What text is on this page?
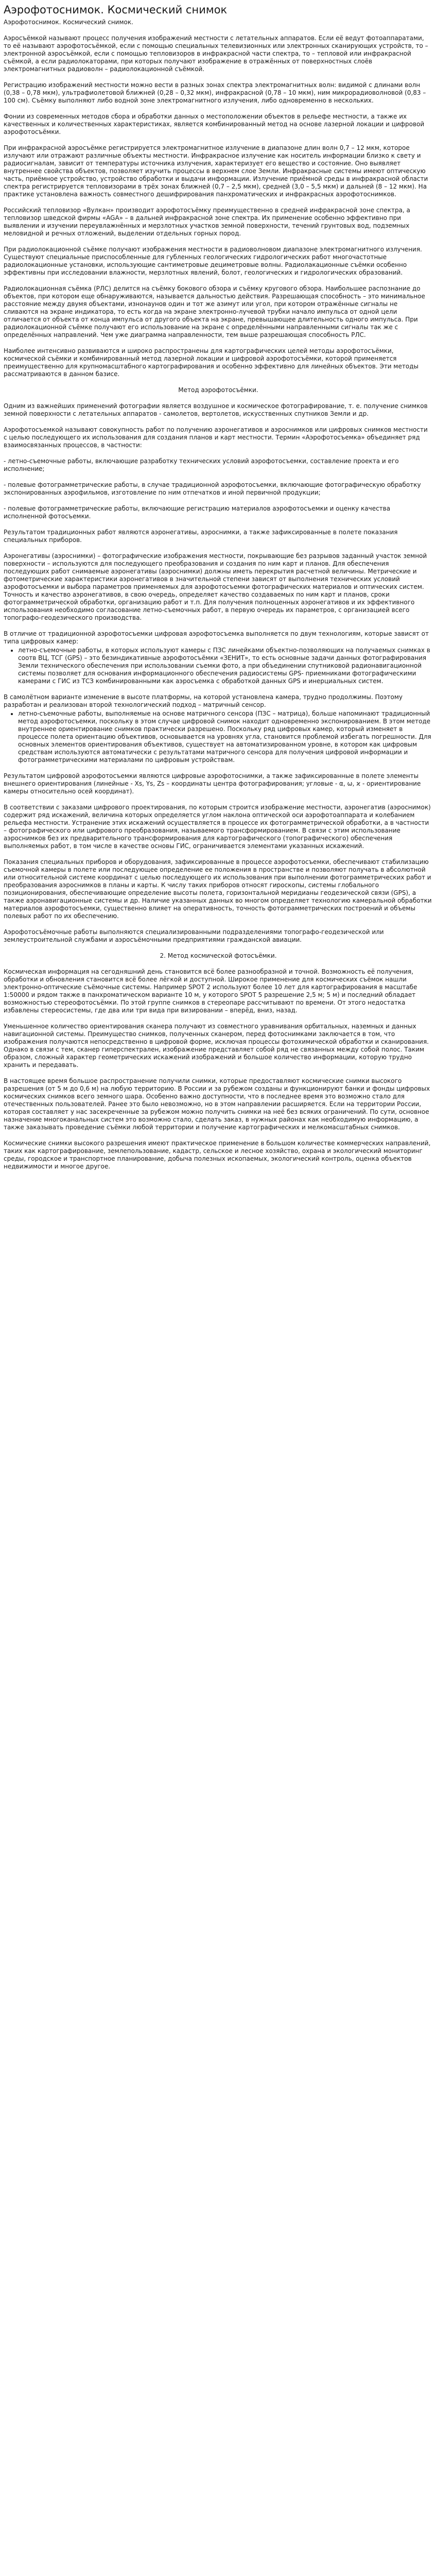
Аэрофотоснимок. Космический снимок

Аэрофотоснимок. Космический снимок.

Аэросъёмкой называют процесс получения изображений местности с летательных аппаратов. Если её ведут фотоаппаратами, то её называют аэрофотосъёмкой, если с помощью специальных телевизионных или электронных сканирующих устройств, то – электронной аэросъёмкой, если с помощью тепловизоров в инфракрасной части спектра, то – тепловой или инфракрасной съёмкой, а если радиолокаторами, при которых получают изображение в отражённых от поверхностных слоёв электромагнитных радиоволн – радиолокационной съёмкой.

Регистрацию изображений местности можно вести в разных зонах спектра электромагнитных волн: видимой с длинами волн (0,38 – 0,78 мкм), ультрафиолетовой ближней (0,28 – 0,32 мкм), инфракрасной (0,78 – 10 мкм), ним микрорадиоволновой (0,83 – 100 см). Съёмку выполняют либо водной зоне электромагнитного излучения, либо одновременно в нескольких.

Фонии из современных методов сбора и обработки данных о местоположении объектов в рельефе местности, а также их качественных и количественных характеристиках, является комбинированный метод на основе лазерной локации и цифровой аэрофотосъёмки.

При инфракрасной аэросъёмке регистрируется электромагнитное излучение в диапазоне длин волн 0,7 – 12 мкм, которое излучают или отражают различные объекты местности. Инфракрасное излучение как носитель информации близко к свету и радиосигналам, зависит от температуры источника излучения, характеризует его вещество и состояние. Оно выявляет внутреннее свойства объектов, позволяет изучить процессы в верхнем слое Земли. Инфракрасные системы имеют оптическую часть, приёмное устройство, устройство обработки и выдачи информации. Излучение приёмной среды в инфракрасной области спектра регистрируется тепловизорами в трёх зонах ближней (0,7 – 2,5 мкм), средней (3,0 – 5,5 мкм) и дальней (8 – 12 мкм). На практике установлена важность совместного дешифрирования панхроматических и инфракрасных аэрофотоснимков.

Российский тепловизор «Вулкан» производит аэрофотосъёмку преимущественно в средней инфракрасной зоне спектра, а тепловизор шведской фирмы «AGA» – в дальней инфракрасной зоне спектра. Их применение особенно эффективно при выявлении и изучении переувлажнённых и мерзлотных участков земной поверхности, течений грунтовых вод, подземных меловидной и речных отложений, выделении отдельных горных пород.

При радиолокационной съёмке получают изображения местности в радиоволновом диапазоне электромагнитного излучения. Существуют специальные приспособленные для губленных геологических гидрологических работ многочастотные радиолокационные установки, использующие сантиметровые дециметровые волны. Радиолакационные съёмки особенно эффективны при исследовании влажности, мерзлотных явлений, болот, геологических и гидрологических образований.

Радиолокационная съёмка (РЛС) делится на съёмку бокового обзора и съёмку кругового обзора. Наибольшее распознание до объектов, при котором еще обнаруживаются, называется дальностью действия. Разрешающая способность – это минимальное расстояние между двумя объектами, изнонаунов один и тот же азимут или угол, при котором отражённые сигналы не сливаются на экране индикатора, то есть когда на экране электронно-лучевой трубки начало импульса от одной цели отличается от объекта от конца импульса от другого объекта на экране, превышающее длительность одного импульса. При радиолокационной съёмке получают его использование на экране с определёнными направленными сигналы так же с определённых направлений. Чем уже диаграмма направленности, тем выше разрешающая способность РЛС.

Наиболее интенсивно развиваются и широко распространены для картографических целей методы аэрофотосъёмки, космической съёмки и комбинированный метод лазерной локации и цифровой аэрофотосъёмки, которой применяется преимущественно для крупномасштабного картографирования и особенно эффективно для линейных объектов. Эти методы рассматриваются в данном базисе.

Метод аэрофотосъёмки.

Одним из важнейших применений фотографии является воздушное и космическое фотографирование, т. е. получение снимков земной поверхности с летательных аппаратов - самолетов, вертолетов, искусственных спутников Земли и др.

Аэрофотосъемкой называют совокупность работ по получению аэронегативов и аэроснимков или цифровых снимков местности с целью последующего их использования для создания планов и карт местности. Термин «Аэрофотосъемка» объединяет ряд взаимосвязанных процессов, в частности:

- летно-съемочные работы, включающие разработку технических условий аэрофотосъемки, составление проекта и его исполнение;

- полевые фотограмметрические работы, в случае традиционной аэрофотосъемки, включающие фотографическую обработку экспонированных аэрофильмов, изготовление по ним отпечатков и иной первичной продукции;

- полевые фотограмметрические работы, включающие регистрацию материалов аэрофотосъемки и оценку качества исполненной фотосъемки.

Результатом традиционных работ являются аэронегативы, аэроснимки, а также зафиксированные в полете показания специальных приборов.

Аэронегативы (аэроснимки) – фотографические изображения местности, покрывающие без разрывов заданный участок земной поверхности – используются для последующего преобразования и создания по ним карт и планов. Для обеспечения последующих работ снимаемые аэронегативы (аэроснимки) должны иметь перекрытия расчетной величины. Метрические и фотометрические характеристики аэронегативов в значительной степени зависят от выполнения технических условий аэрофотосъемки и выбора параметров применяемых для аэрофотосъемки фотографических материалов и оптических систем. Точность и качество аэронегативов, в свою очередь, определяет качество создаваемых по ним карт и планов, сроки фотограмметрической обработки, организацию работ и т.п. Для получения полноценных аэронегативов и их эффективного использования необходимо согласование летно-съемочных работ, в первую очередь их параметров, с организацией всего топографо-геодезического производства.

В отличие от традиционной аэрофотосъемки цифровая аэрофотосъемка выполняется по двум технологиям, которые зависят от типа цифровых камер:

• летно-съемочные работы, в которых используют камеры с ПЗС линейками объектно-позволяющих на получаемых снимках в соотв ВЦ, ТСГ (GPS) – это безиндикативные аэрофотосъёмки «ЗЕНИТ», то есть основные задачи данных фотографирования Земли технического обеспечения при использовании съемки фото, а при объединении спутниковой радионавигационной системы позволяет для основания информационного обеспечения радиосистемы GPS- приемниками фотографическими камерами с ГИС из ТСЗ комбинированными как аэросъемка с обработкой данных GPS и инерциальных систем.

В самолётном варианте изменение в высоте платформы, на которой установлена камера, трудно продолжимы. Поэтому разработан и реализован второй технологический подход – матричный сенсор.

• летно-съемочные работы, выполняемые на основе матричного сенсора (ПЗС – матрица), больше напоминают традиционный метод аэрофотосъемки, поскольку в этом случае цифровой снимок находит одновременно экспонированием. В этом методе внутреннее ориентирование снимков практически разрешено. Поскольку ряд цифровых камер, который изменяет в процессе полета ориентацию объективов, основывается на уровнях угла, становится проблемой избегать погрешности. Для основных элементов ориентирования объективов, существует на автоматизированном уровне, в котором как цифровым средствам используются автоматически с результатами матричного сенсора для получения цифровой информации и фотограмметрическими материалами по цифровым устройствам.

Результатом цифровой аэрофотосъемки являются цифровые аэрофотоснимки, а также зафиксированные в полете элементы внешнего ориентирования (линейные - Xs, Ys, Zs – координаты центра фотографирования; угловые - α, ω, ϰ - ориентирование камеры относительно осей координат).

В соответствии с заказами цифрового проектирования, по которым строится изображение местности, аэронегатив (аэроснимок) содержит ряд искажений, величина которых определяется углом наклона оптической оси аэрофотоаппарата и колебанием рельефа местности. Устранение этих искажений осуществляется в процессе их фотограмметрической обработки, а в частности – фотографического или цифрового преобразования, называемого трансформированием. В связи с этим использование аэроснимков без их предварительного трансформирования для картографического (топографического) обеспечения выполняемых работ, в том числе в качестве основы ГИС, ограничивается элементами указанных искажений.

Показания специальных приборов и оборудования, зафиксированные в процессе аэрофотосъемки, обеспечивают стабилизацию съемочной камеры в полете или последующее определение ее положения в пространстве и позволяют получать в абсолютной или относительной системе координат с целью последующего их использования при выполнении фотограмметрических работ и преобразования аэроснимков в планы и карты. К числу таких приборов относят гироскопы, системы глобального позиционирования, обеспечивающие определение высоты полета, горизонтальной меридианы геодезической связи (GPS), а также аэронавигационные системы и др. Наличие указанных данных во многом определяет технологию камеральной обработки материалов аэрофотосъемки, существенно влияет на оперативность, точность фотограмметрических построений и объемы полевых работ по их обеспечению.

Аэрофотосъёмочные работы выполняются специализированными подразделениями топографо-геодезической или землеустроительной службами и аэросъёмочными предприятиями гражданской авиации.

2. Метод космической фотосъёмки.

Космическая информация на сегодняшний день становится всё более разнообразной и точной. Возможность её получения, обработки и обновления становится всё более лёгкой и доступной. Широкое применение для космических съёмок нашли электронно-оптические съёмочные системы. Например SPOT 2 используют более 10 лет для картографирования в масштабе 1:50000 и рядом также в панхроматическом варианте 10 м, у которого SPOT 5 разрешение 2,5 м; 5 м) и последний обладает возможностью стереофотосъёмки. По этой группе снимков в стереопаре рассчитывают по времени. От этого недостатка избавлены стереосистемы, где два или три вида при визировании – вперёд, вниз, назад.

Уменьшенное количество ориентирования сканера получают из совместного уравнивания орбитальных, наземных и данных навигационной системы. Преимущество снимков, полученных сканером, перед фотоснимками заключается в том, что изображения получаются непосредственно в цифровой форме, исключая процессы фотохимической обработки и сканирования. Однако в связи с тем, сканер гиперспектрален, изображение представляет собой ряд не связанных между собой полос. Таким образом, сложный характер геометрических искажений изображений и большое количество информации, которую трудно хранить и передавать.

В настоящее время большое распространение получили снимки, которые предоставляют космические снимки высокого разрешения (от 5 м до 0,6 м) на любую территорию. В России и за рубежом созданы и функционируют банки и фонды цифровых космических снимков всего земного шара. Особенно важно доступности, что в последнее время это возможно стало для отечественных пользователей. Ранее это было невозможно, но в этом направлении расширяется. Если на территории России, которая составляет у нас засекреченные за рубежом можно получить снимки на неё без всяких ограничений. По сути, основное назначение многоканальных систем это возможно стало, сделать заказ, в нужных районах как необходимую информацию, а также заказывать проведение съёмки любой территории и получение картографических и мелкомасштабных снимков.

Космические снимки высокого разрешения имеют практическое применение в большом количестве коммерческих направлений,

таких как картографирование, землепользование, кадастр, сельское и лесное хозяйство, охрана и экологический мониторинг среды, городское и транспортное планирование, добыча полезных ископаемых, экологический контроль, оценка объектов недвижимости и многое другое.
